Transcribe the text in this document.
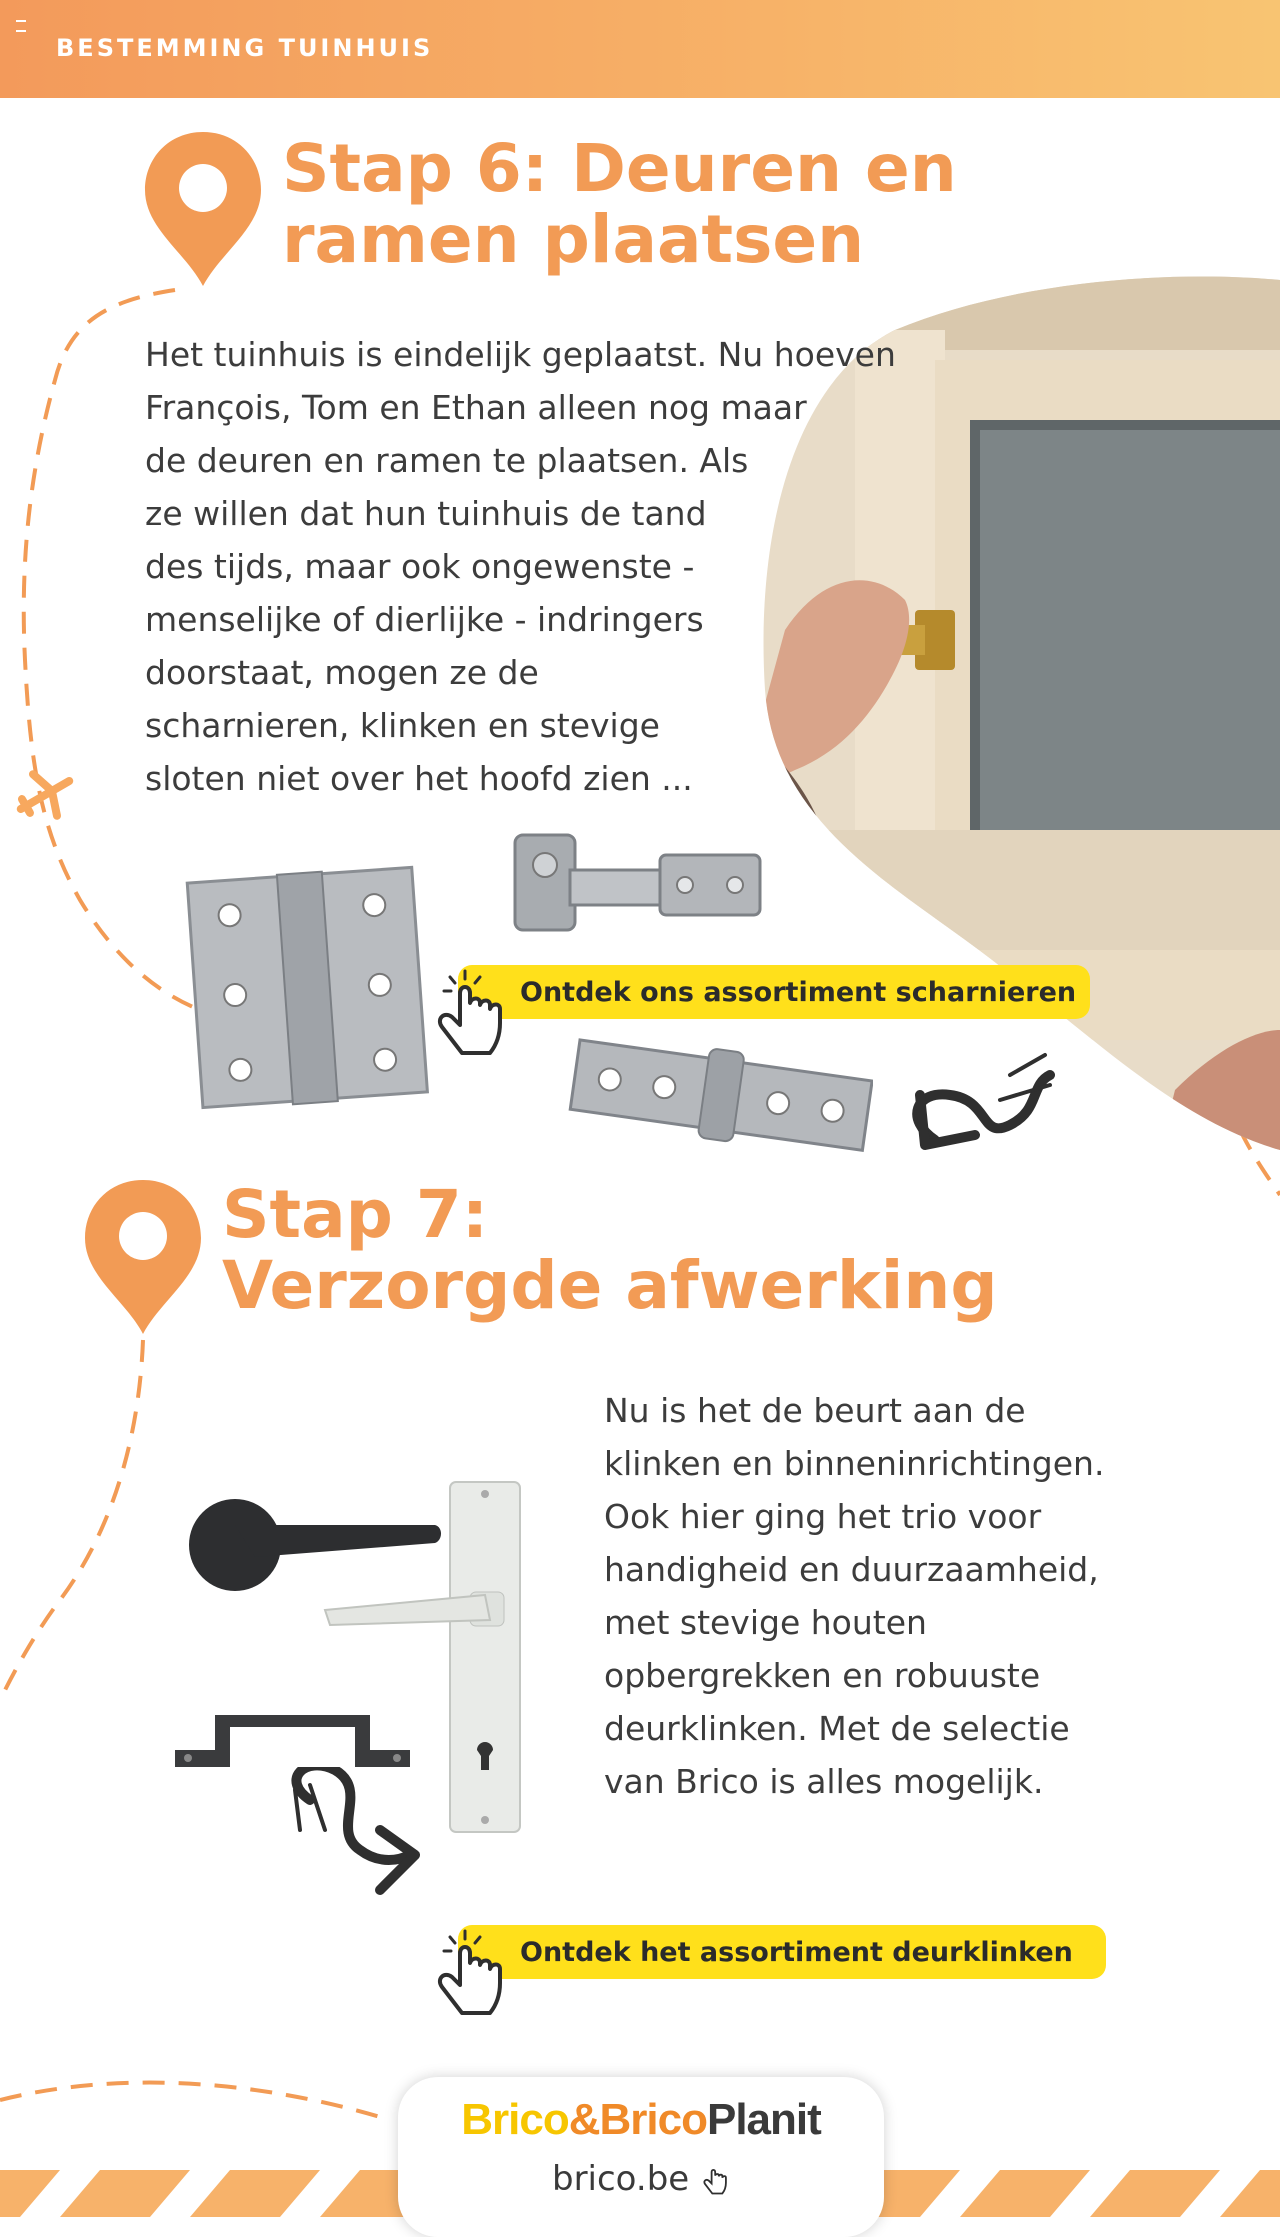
BESTEMMING TUINHUIS
Stap 6: Deuren en
ramen plaatsen
Het tuinhuis is eindelijk geplaatst. Nu hoeven
François, Tom en Ethan alleen nog maar
de deuren en ramen te plaatsen. Als
ze willen dat hun tuinhuis de tand
des tijds, maar ook ongewenste -
menselijke of dierlijke - indringers
doorstaat, mogen ze de
scharnieren, klinken en stevige
sloten niet over het hoofd zien ...
Ontdek ons assortiment scharnieren
Stap 7:
Verzorgde afwerking
Nu is het de beurt aan de
klinken en binneninrichtingen.
Ook hier ging het trio voor
handigheid en duurzaamheid,
met stevige houten
opbergrekken en robuuste
deurklinken. Met de selectie
van Brico is alles mogelijk.
Ontdek het assortiment deurklinken
Brico&BricoPlanit
brico.be
